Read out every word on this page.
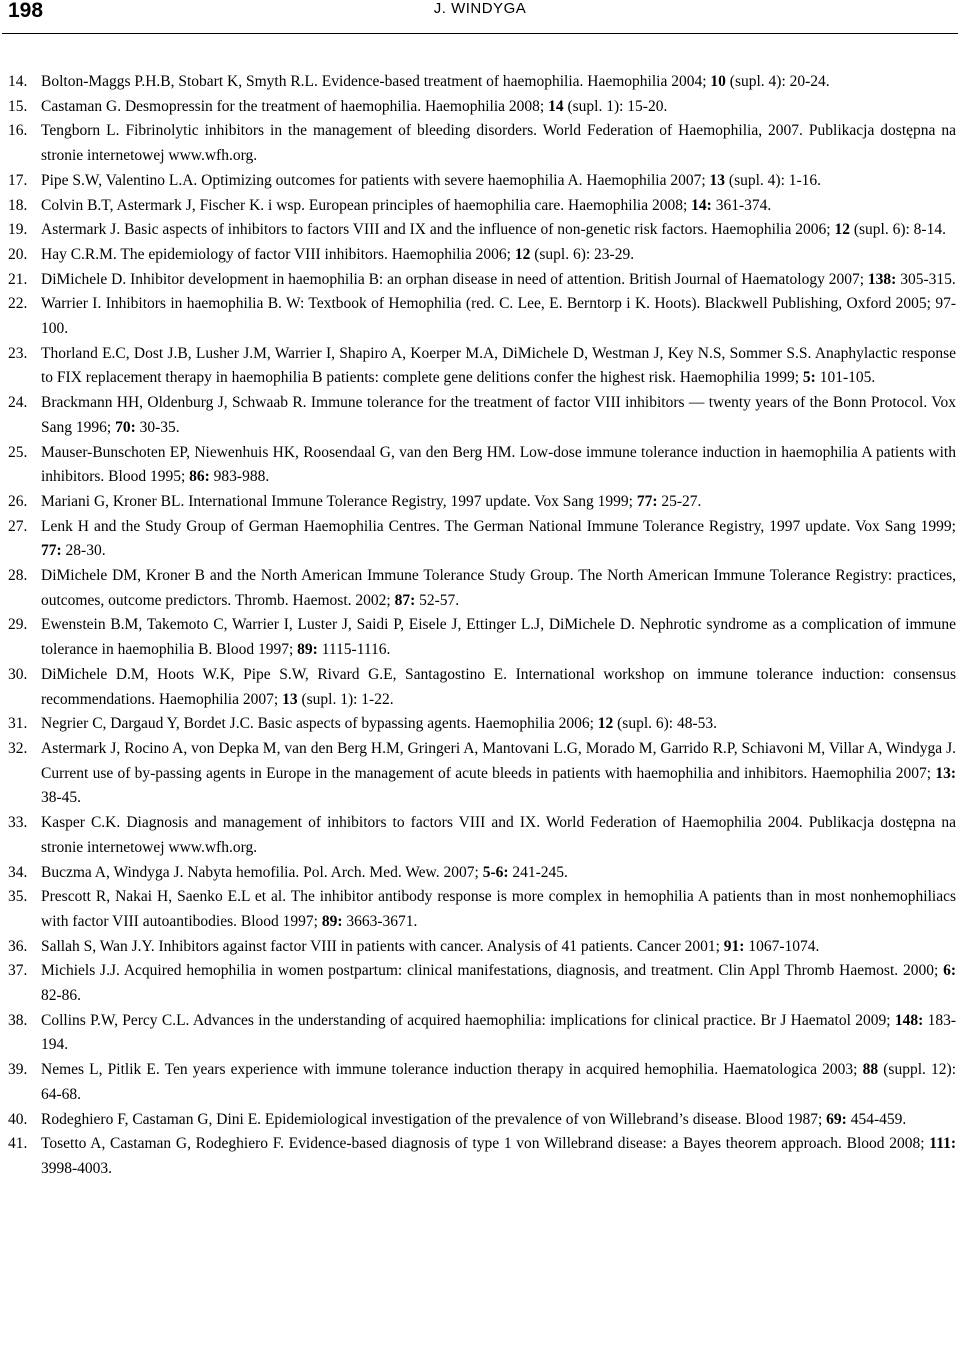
198	J. WINDYGA
14. Bolton-Maggs P.H.B, Stobart K, Smyth R.L. Evidence-based treatment of haemophilia. Haemophilia 2004; 10 (supl. 4): 20-24.
15. Castaman G. Desmopressin for the treatment of haemophilia. Haemophilia 2008; 14 (supl. 1): 15-20.
16. Tengborn L. Fibrinolytic inhibitors in the management of bleeding disorders. World Federation of Haemophilia, 2007. Publikacja dostępna na stronie internetowej www.wfh.org.
17. Pipe S.W, Valentino L.A. Optimizing outcomes for patients with severe haemophilia A. Haemophilia 2007; 13 (supl. 4): 1-16.
18. Colvin B.T, Astermark J, Fischer K. i wsp. European principles of haemophilia care. Haemophilia 2008; 14: 361-374.
19. Astermark J. Basic aspects of inhibitors to factors VIII and IX and the influence of non-genetic risk factors. Haemophilia 2006; 12 (supl. 6): 8-14.
20. Hay C.R.M. The epidemiology of factor VIII inhibitors. Haemophilia 2006; 12 (supl. 6): 23-29.
21. DiMichele D. Inhibitor development in haemophilia B: an orphan disease in need of attention. British Journal of Haematology 2007; 138: 305-315.
22. Warrier I. Inhibitors in haemophilia B. W: Textbook of Hemophilia (red. C. Lee, E. Berntorp i K. Hoots). Blackwell Publishing, Oxford 2005; 97-100.
23. Thorland E.C, Dost J.B, Lusher J.M, Warrier I, Shapiro A, Koerper M.A, DiMichele D, Westman J, Key N.S, Sommer S.S. Anaphylactic response to FIX replacement therapy in haemophilia B patients: complete gene delitions confer the highest risk. Haemophilia 1999; 5: 101-105.
24. Brackmann HH, Oldenburg J, Schwaab R. Immune tolerance for the treatment of factor VIII inhibitors — twenty years of the Bonn Protocol. Vox Sang 1996; 70: 30-35.
25. Mauser-Bunschoten EP, Niewenhuis HK, Roosendaal G, van den Berg HM. Low-dose immune tolerance induction in haemophilia A patients with inhibitors. Blood 1995; 86: 983-988.
26. Mariani G, Kroner BL. International Immune Tolerance Registry, 1997 update. Vox Sang 1999; 77: 25-27.
27. Lenk H and the Study Group of German Haemophilia Centres. The German National Immune Tolerance Registry, 1997 update. Vox Sang 1999; 77: 28-30.
28. DiMichele DM, Kroner B and the North American Immune Tolerance Study Group. The North American Immune Tolerance Registry: practices, outcomes, outcome predictors. Thromb. Haemost. 2002; 87: 52-57.
29. Ewenstein B.M, Takemoto C, Warrier I, Luster J, Saidi P, Eisele J, Ettinger L.J, DiMichele D. Nephrotic syndrome as a complication of immune tolerance in haemophilia B. Blood 1997; 89: 1115-1116.
30. DiMichele D.M, Hoots W.K, Pipe S.W, Rivard G.E, Santagostino E. International workshop on immune tolerance induction: consensus recommendations. Haemophilia 2007; 13 (supl. 1): 1-22.
31. Negrier C, Dargaud Y, Bordet J.C. Basic aspects of bypassing agents. Haemophilia 2006; 12 (supl. 6): 48-53.
32. Astermark J, Rocino A, von Depka M, van den Berg H.M, Gringeri A, Mantovani L.G, Morado M, Garrido R.P, Schiavoni M, Villar A, Windyga J. Current use of by-passing agents in Europe in the management of acute bleeds in patients with haemophilia and inhibitors. Haemophilia 2007; 13: 38-45.
33. Kasper C.K. Diagnosis and management of inhibitors to factors VIII and IX. World Federation of Haemophilia 2004. Publikacja dostępna na stronie internetowej www.wfh.org.
34. Buczma A, Windyga J. Nabyta hemofilia. Pol. Arch. Med. Wew. 2007; 5-6: 241-245.
35. Prescott R, Nakai H, Saenko E.L et al. The inhibitor antibody response is more complex in hemophilia A patients than in most nonhemophiliacs with factor VIII autoantibodies. Blood 1997; 89: 3663-3671.
36. Sallah S, Wan J.Y. Inhibitors against factor VIII in patients with cancer. Analysis of 41 patients. Cancer 2001; 91: 1067-1074.
37. Michiels J.J. Acquired hemophilia in women postpartum: clinical manifestations, diagnosis, and treatment. Clin Appl Thromb Haemost. 2000; 6: 82-86.
38. Collins P.W, Percy C.L. Advances in the understanding of acquired haemophilia: implications for clinical practice. Br J Haematol 2009; 148: 183-194.
39. Nemes L, Pitlik E. Ten years experience with immune tolerance induction therapy in acquired hemophilia. Haematologica 2003; 88 (suppl. 12): 64-68.
40. Rodeghiero F, Castaman G, Dini E. Epidemiological investigation of the prevalence of von Willebrand’s disease. Blood 1987; 69: 454-459.
41. Tosetto A, Castaman G, Rodeghiero F. Evidence-based diagnosis of type 1 von Willebrand disease: a Bayes theorem approach. Blood 2008; 111: 3998-4003.
